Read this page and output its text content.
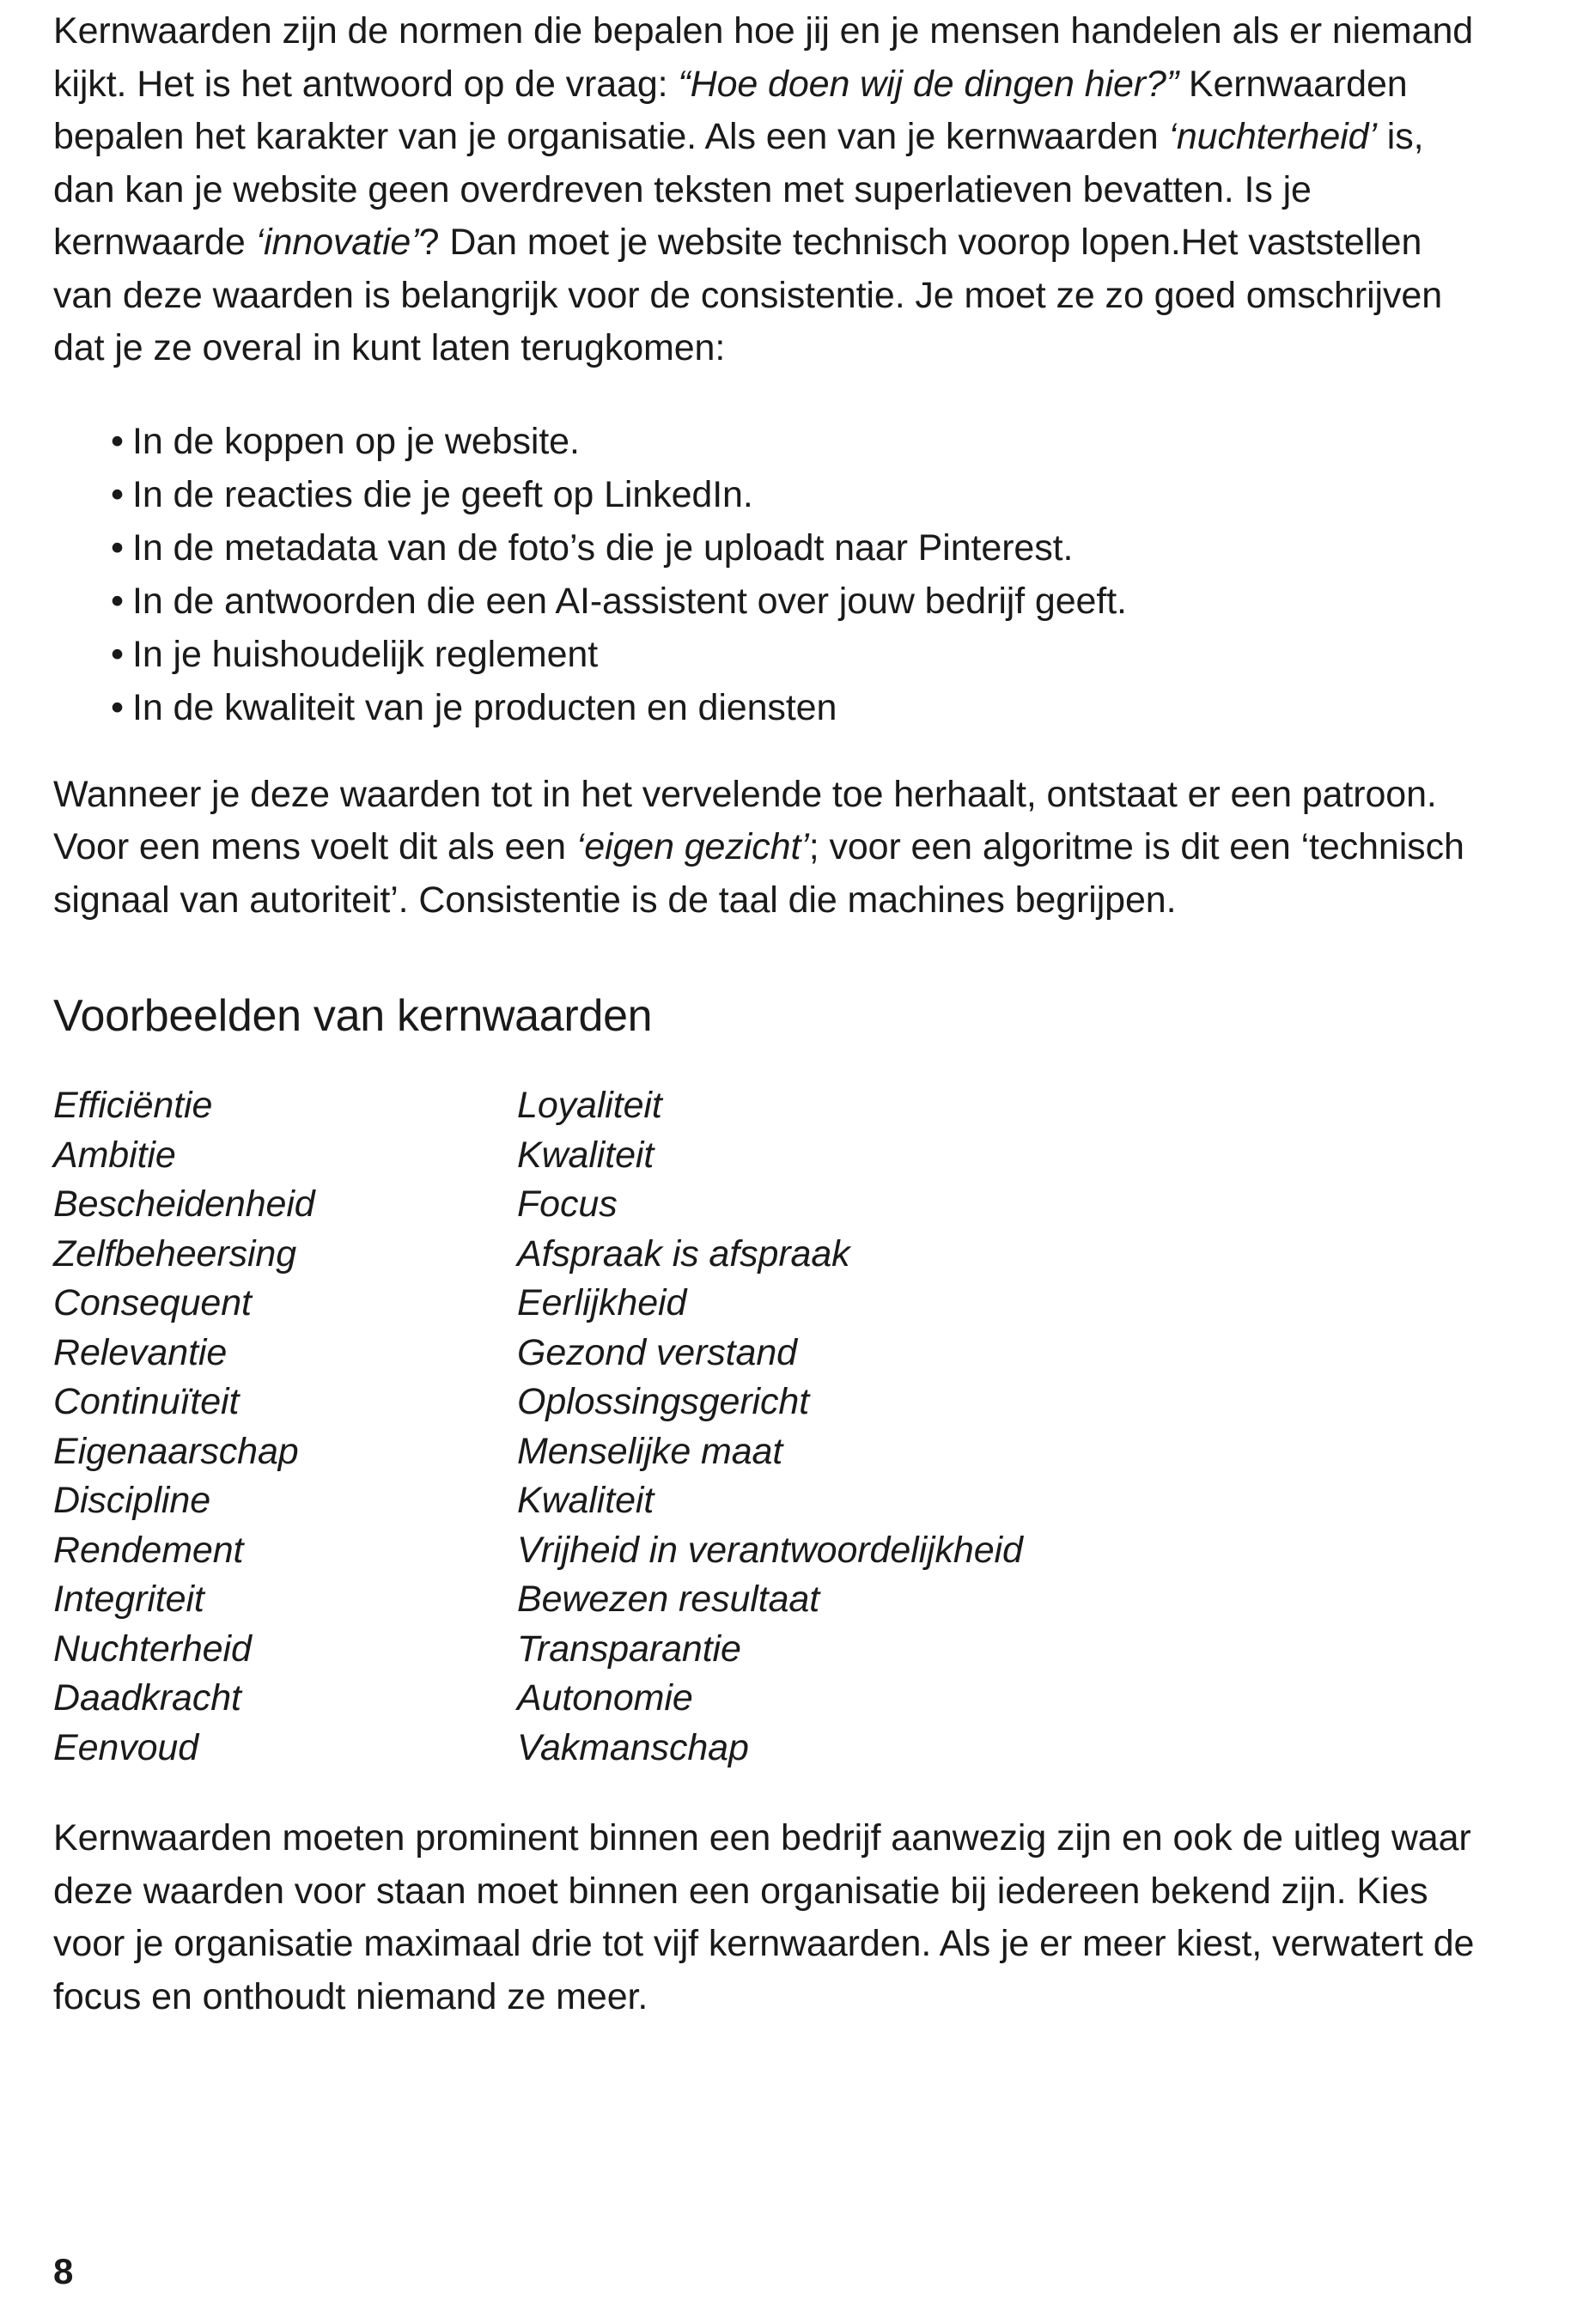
Kernwaarden zijn de normen die bepalen hoe jij en je mensen handelen als er niemand kijkt. Het is het antwoord op de vraag: “Hoe doen wij de dingen hier?” Kernwaarden bepalen het karakter van je organisatie. Als een van je kernwaarden ‘nuchterheid’ is, dan kan je website geen overdreven teksten met superlatieven bevatten. Is je kernwaarde ‘innovatie’? Dan moet je website technisch voorop lopen.Het vaststellen van deze waarden is belangrijk voor de consistentie. Je moet ze zo goed omschrijven dat je ze overal in kunt laten terugkomen:

• In de koppen op je website.
• In de reacties die je geeft op LinkedIn.
• In de metadata van de foto’s die je uploadt naar Pinterest.
• In de antwoorden die een AI-assistent over jouw bedrijf geeft.
• In je huishoudelijk reglement
• In de kwaliteit van je producten en diensten

Wanneer je deze waarden tot in het vervelende toe herhaalt, ontstaat er een patroon. Voor een mens voelt dit als een ‘eigen gezicht’; voor een algoritme is dit een ‘technisch signaal van autoriteit’. Consistentie is de taal die machines begrijpen.

Voorbeelden van kernwaarden
Efficiëntie
Ambitie
Bescheidenheid
Zelfbeheersing
Consequent
Relevantie
Continuïteit
Eigenaarschap
Discipline
Rendement
Integriteit
Nuchterheid
Daadkracht
Eenvoud
Loyaliteit
Kwaliteit
Focus
Afspraak is afspraak
Eerlijkheid
Gezond verstand
Oplossingsgericht
Menselijke maat
Kwaliteit
Vrijheid in verantwoordelijkheid
Bewezen resultaat
Transparantie
Autonomie
Vakmanschap

Kernwaarden moeten prominent binnen een bedrijf aanwezig zijn en ook de uitleg waar deze waarden voor staan moet binnen een organisatie bij iedereen bekend zijn. Kies voor je organisatie maximaal drie tot vijf kernwaarden. Als je er meer kiest, verwatert de focus en onthoudt niemand ze meer.

8
